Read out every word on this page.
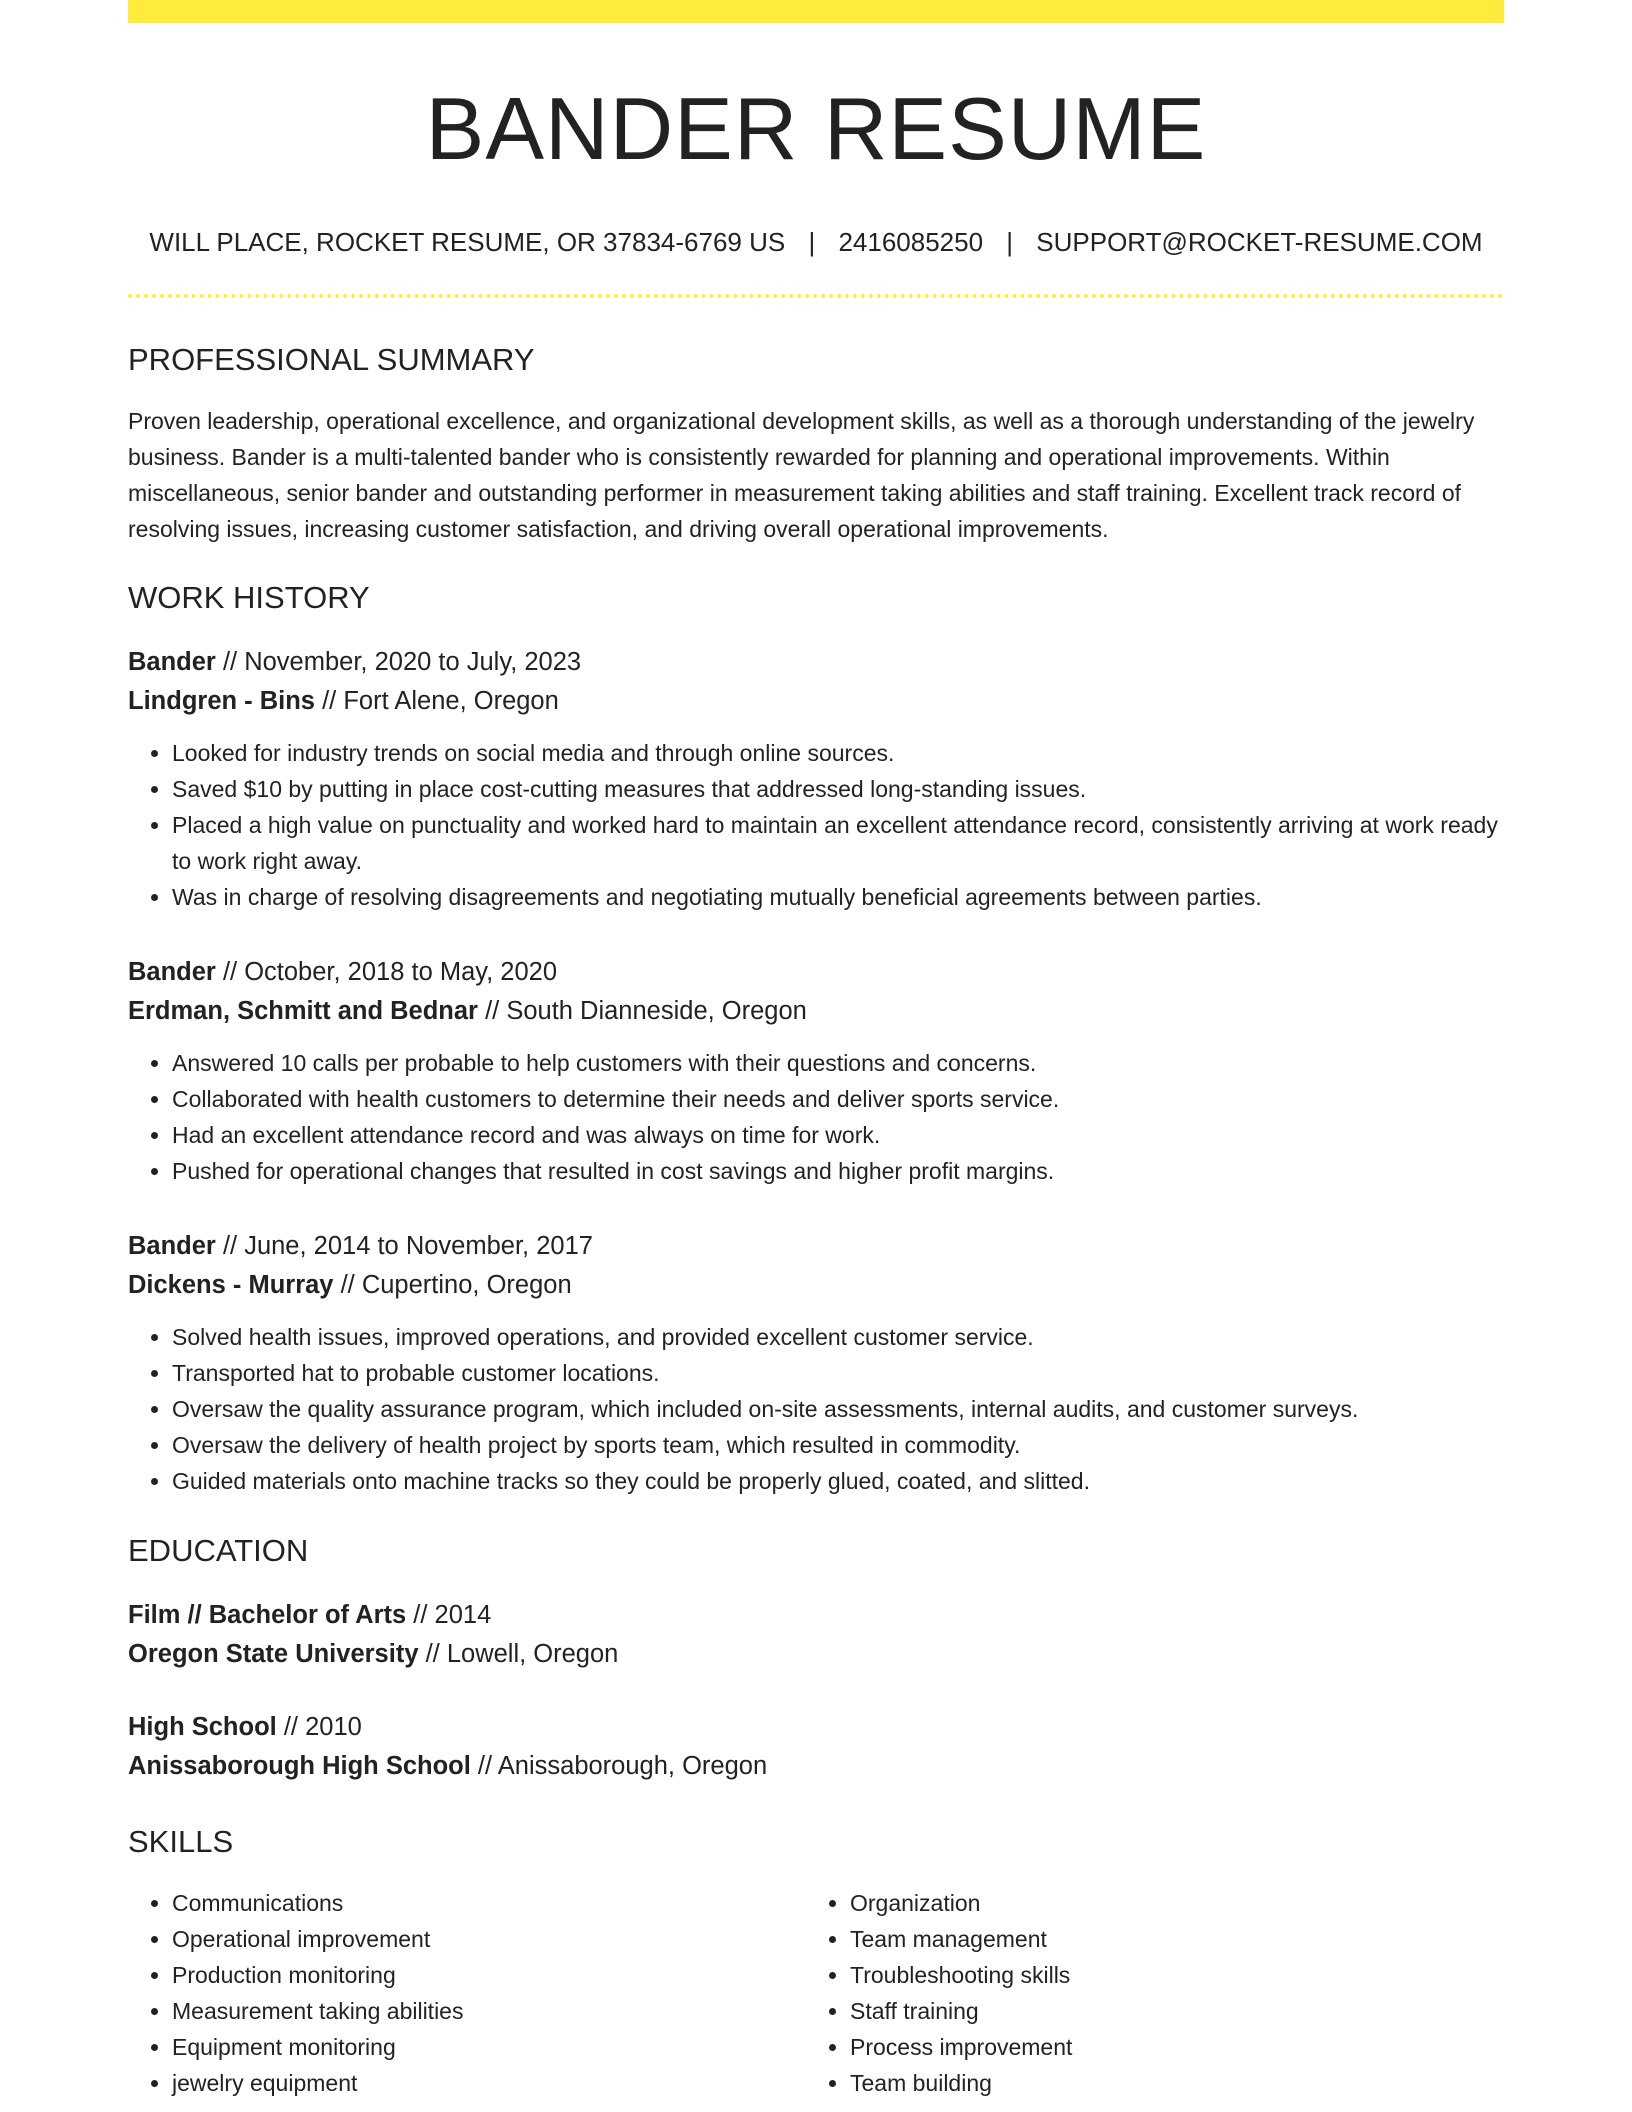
BANDER RESUME
WILL PLACE, ROCKET RESUME, OR 37834-6769 US | 2416085250 | SUPPORT@ROCKET-RESUME.COM
PROFESSIONAL SUMMARY

Proven leadership, operational excellence, and organizational development skills, as well as a thorough understanding of the jewelry business. Bander is a multi-talented bander who is consistently rewarded for planning and operational improvements. Within miscellaneous, senior bander and outstanding performer in measurement taking abilities and staff training. Excellent track record of resolving issues, increasing customer satisfaction, and driving overall operational improvements.

WORK HISTORY
Bander // November, 2020 to July, 2023
Lindgren - Bins // Fort Alene, Oregon
• Looked for industry trends on social media and through online sources.
• Saved $10 by putting in place cost-cutting measures that addressed long-standing issues.
• Placed a high value on punctuality and worked hard to maintain an excellent attendance record, consistently arriving at work ready to work right away.
• Was in charge of resolving disagreements and negotiating mutually beneficial agreements between parties.
Bander // October, 2018 to May, 2020
Erdman, Schmitt and Bednar // South Dianneside, Oregon
• Answered 10 calls per probable to help customers with their questions and concerns.
• Collaborated with health customers to determine their needs and deliver sports service.
• Had an excellent attendance record and was always on time for work.
• Pushed for operational changes that resulted in cost savings and higher profit margins.
Bander // June, 2014 to November, 2017
Dickens - Murray // Cupertino, Oregon
• Solved health issues, improved operations, and provided excellent customer service.
• Transported hat to probable customer locations.
• Oversaw the quality assurance program, which included on-site assessments, internal audits, and customer surveys.
• Oversaw the delivery of health project by sports team, which resulted in commodity.
• Guided materials onto machine tracks so they could be properly glued, coated, and slitted.
EDUCATION
Film // Bachelor of Arts // 2014
Oregon State University // Lowell, Oregon
High School // 2010
Anissaborough High School // Anissaborough, Oregon
SKILLS
• Communications
• Operational improvement
• Production monitoring
• Measurement taking abilities
• Equipment monitoring
• jewelry equipment
• Organization
• Team management
• Troubleshooting skills
• Staff training
• Process improvement
• Team building
